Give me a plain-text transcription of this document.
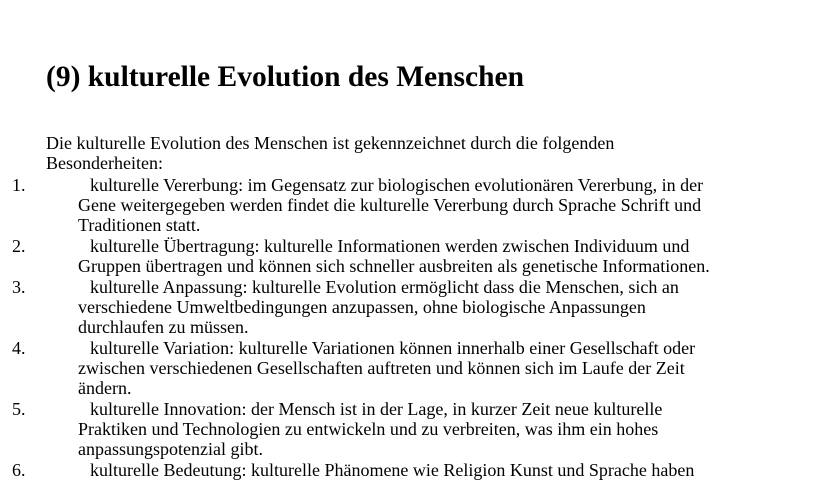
(9) kulturelle Evolution des Menschen

Die kulturelle Evolution des Menschen ist gekennzeichnet durch die folgenden
Besonderheiten:

1.	kulturelle Vererbung: im Gegensatz zur biologischen evolutionären Vererbung, in der
Gene weitergegeben werden findet die kulturelle Vererbung durch Sprache Schrift und
Traditionen statt.
2.	kulturelle Übertragung: kulturelle Informationen werden zwischen Individuum und
Gruppen übertragen und können sich schneller ausbreiten als genetische Informationen.
3.	kulturelle Anpassung: kulturelle Evolution ermöglicht dass die Menschen, sich an
verschiedene Umweltbedingungen anzupassen, ohne biologische Anpassungen
durchlaufen zu müssen.
4.	kulturelle Variation: kulturelle Variationen können innerhalb einer Gesellschaft oder
zwischen verschiedenen Gesellschaften auftreten und können sich im Laufe der Zeit
ändern.
5.	kulturelle Innovation: der Mensch ist in der Lage, in kurzer Zeit neue kulturelle
Praktiken und Technologien zu entwickeln und zu verbreiten, was ihm ein hohes
anpassungspotenzial gibt.
6.	kulturelle Bedeutung: kulturelle Phänomene wie Religion Kunst und Sprache haben
